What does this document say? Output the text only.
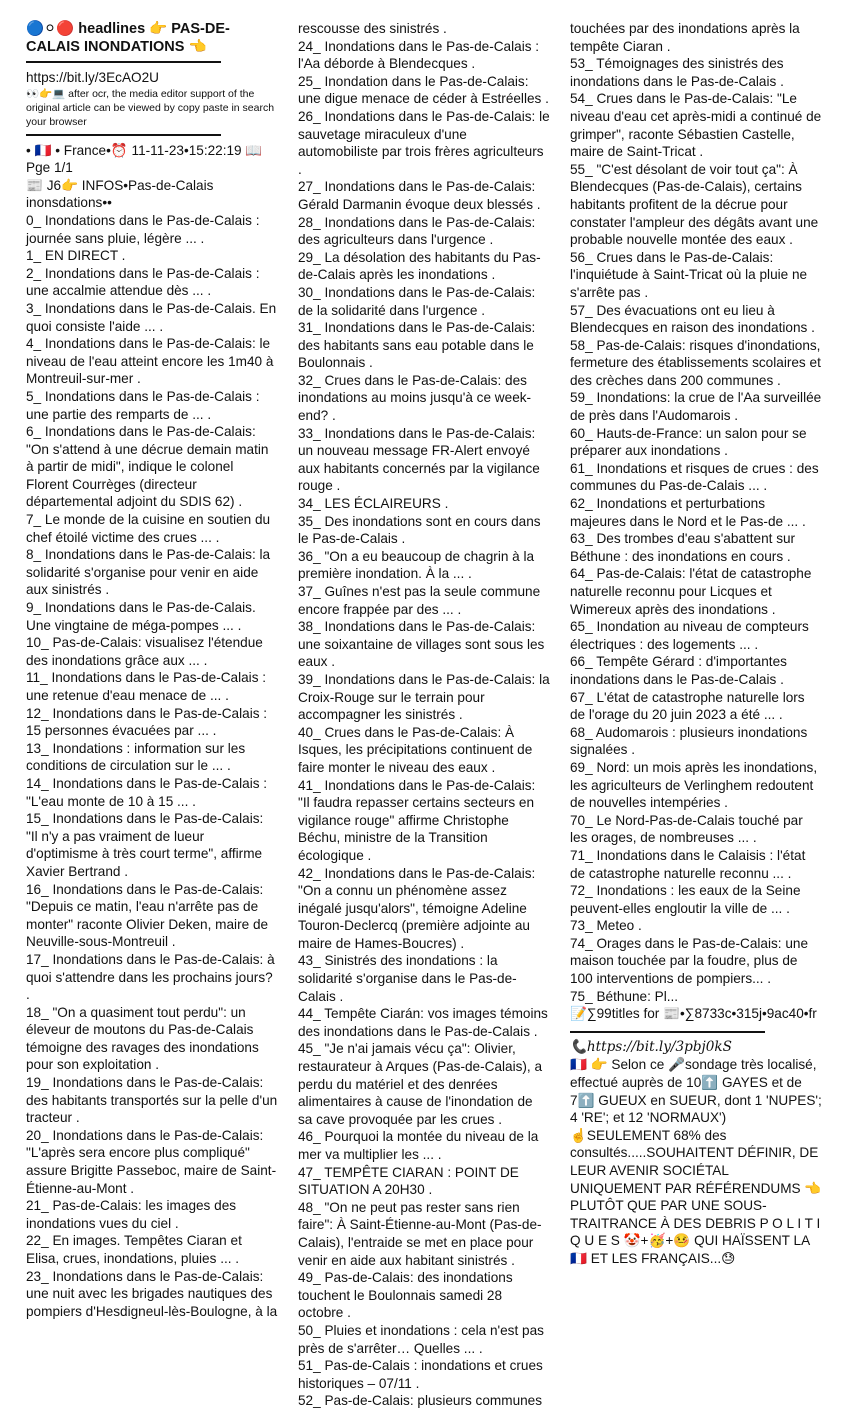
🔵⚪🔴 headlines 👉 PAS-DE-CALAIS INONDATIONS 👈
https://bit.ly/3EcAO2U
👀👉💻 after ocr, the media editor support of the original article can be viewed by copy paste in search your browser
• 🇫🇷 • France•⏰ 11-11-23•15:22:19 📖 Pge 1/1
📰 J6👉 INFOS•Pas-de-Calais inonsdations••
0_ Inondations dans le Pas-de-Calais : journée sans pluie, légère ... .
1_ EN DIRECT .
2_ Inondations dans le Pas-de-Calais : une accalmie attendue dès ... .
3_ Inondations dans le Pas-de-Calais. En quoi consiste l'aide ... .
4_ Inondations dans le Pas-de-Calais: le niveau de l'eau atteint encore les 1m40 à Montreuil-sur-mer .
5_ Inondations dans le Pas-de-Calais : une partie des remparts de ... .
6_ Inondations dans le Pas-de-Calais: "On s'attend à une décrue demain matin à partir de midi", indique le colonel Florent Courrèges (directeur départemental adjoint du SDIS 62) .
7_ Le monde de la cuisine en soutien du chef étoilé victime des crues ... .
8_ Inondations dans le Pas-de-Calais: la solidarité s'organise pour venir en aide aux sinistrés .
9_ Inondations dans le Pas-de-Calais. Une vingtaine de méga-pompes ... .
10_ Pas-de-Calais: visualisez l'étendue des inondations grâce aux ... .
11_ Inondations dans le Pas-de-Calais : une retenue d'eau menace de ... .
12_ Inondations dans le Pas-de-Calais : 15 personnes évacuées par ... .
13_ Inondations : information sur les conditions de circulation sur le ... .
14_ Inondations dans le Pas-de-Calais : "L'eau monte de 10 à 15 ... .
15_ Inondations dans le Pas-de-Calais: "Il n'y a pas vraiment de lueur d'optimisme à très court terme", affirme Xavier Bertrand .
16_ Inondations dans le Pas-de-Calais: "Depuis ce matin, l'eau n'arrête pas de monter" raconte Olivier Deken, maire de Neuville-sous-Montreuil .
17_ Inondations dans le Pas-de-Calais: à quoi s'attendre dans les prochains jours? .
18_ "On a quasiment tout perdu": un éleveur de moutons du Pas-de-Calais témoigne des ravages des inondations pour son exploitation .
19_ Inondations dans le Pas-de-Calais: des habitants transportés sur la pelle d'un tracteur .
20_ Inondations dans le Pas-de-Calais: "L'après sera encore plus compliqué" assure Brigitte Passeboc, maire de Saint-Étienne-au-Mont .
21_ Pas-de-Calais: les images des inondations vues du ciel .
22_ En images. Tempêtes Ciaran et Elisa, crues, inondations, pluies ... .
23_ Inondations dans le Pas-de-Calais: une nuit avec les brigades nautiques des pompiers d'Hesdigneul-lès-Boulogne, à la
rescousse des sinistrés .
24_ Inondations dans le Pas-de-Calais : l'Aa déborde à Blendecques .
25_ Inondation dans le Pas-de-Calais: une digue menace de céder à Estréelles .
26_ Inondations dans le Pas-de-Calais: le sauvetage miraculeux d'une automobiliste par trois frères agriculteurs .
27_ Inondations dans le Pas-de-Calais: Gérald Darmanin évoque deux blessés .
28_ Inondations dans le Pas-de-Calais: des agriculteurs dans l'urgence .
29_ La désolation des habitants du Pas-de-Calais après les inondations .
30_ Inondations dans le Pas-de-Calais: de la solidarité dans l'urgence .
31_ Inondations dans le Pas-de-Calais: des habitants sans eau potable dans le Boulonnais .
32_ Crues dans le Pas-de-Calais: des inondations au moins jusqu'à ce week-end? .
33_ Inondations dans le Pas-de-Calais: un nouveau message FR-Alert envoyé aux habitants concernés par la vigilance rouge .
34_ LES ÉCLAIREURS .
35_ Des inondations sont en cours dans le Pas-de-Calais .
36_ "On a eu beaucoup de chagrin à la première inondation. À la ... .
37_ Guînes n'est pas la seule commune encore frappée par des ... .
38_ Inondations dans le Pas-de-Calais: une soixantaine de villages sont sous les eaux .
39_ Inondations dans le Pas-de-Calais: la Croix-Rouge sur le terrain pour accompagner les sinistrés .
40_ Crues dans le Pas-de-Calais: À Isques, les précipitations continuent de faire monter le niveau des eaux .
41_ Inondations dans le Pas-de-Calais: "Il faudra repasser certains secteurs en vigilance rouge" affirme Christophe Béchu, ministre de la Transition écologique .
42_ Inondations dans le Pas-de-Calais: "On a connu un phénomène assez inégalé jusqu'alors", témoigne Adeline Touron-Declercq (première adjointe au maire de Hames-Boucres) .
43_ Sinistrés des inondations : la solidarité s'organise dans le Pas-de-Calais .
44_ Tempête Ciarán: vos images témoins des inondations dans le Pas-de-Calais .
45_ "Je n'ai jamais vécu ça": Olivier, restaurateur à Arques (Pas-de-Calais), a perdu du matériel et des denrées alimentaires à cause de l'inondation de sa cave provoquée par les crues .
46_ Pourquoi la montée du niveau de la mer va multiplier les ... .
47_ TEMPÊTE CIARAN : POINT DE SITUATION A 20H30 .
48_ "On ne peut pas rester sans rien faire": À Saint-Étienne-au-Mont (Pas-de-Calais), l'entraide se met en place pour venir en aide aux habitant sinistrés .
49_ Pas-de-Calais: des inondations touchent le Boulonnais samedi 28 octobre .
50_ Pluies et inondations : cela n'est pas près de s'arrêter… Quelles ... .
51_ Pas-de-Calais : inondations et crues historiques – 07/11 .
52_ Pas-de-Calais: plusieurs communes
touchées par des inondations après la tempête Ciaran .
53_ Témoignages des sinistrés des inondations dans le Pas-de-Calais .
54_ Crues dans le Pas-de-Calais: "Le niveau d'eau cet après-midi a continué de grimper", raconte Sébastien Castelle, maire de Saint-Tricat .
55_ "C'est désolant de voir tout ça": À Blendecques (Pas-de-Calais), certains habitants profitent de la décrue pour constater l'ampleur des dégâts avant une probable nouvelle montée des eaux .
56_ Crues dans le Pas-de-Calais: l'inquiétude à Saint-Tricat où la pluie ne s'arrête pas .
57_ Des évacuations ont eu lieu à Blendecques en raison des inondations .
58_ Pas-de-Calais: risques d'inondations, fermeture des établissements scolaires et des crèches dans 200 communes .
59_ Inondations: la crue de l'Aa surveillée de près dans l'Audomarois .
60_ Hauts-de-France: un salon pour se préparer aux inondations .
61_ Inondations et risques de crues : des communes du Pas-de-Calais ... .
62_ Inondations et perturbations majeures dans le Nord et le Pas-de ... .
63_ Des trombes d'eau s'abattent sur Béthune : des inondations en cours .
64_ Pas-de-Calais: l'état de catastrophe naturelle reconnu pour Licques et Wimereux après des inondations .
65_ Inondation au niveau de compteurs électriques : des logements ... .
66_ Tempête Gérard : d'importantes inondations dans le Pas-de-Calais .
67_ L'état de catastrophe naturelle lors de l'orage du 20 juin 2023 a été ... .
68_ Audomarois : plusieurs inondations signalées .
69_ Nord: un mois après les inondations, les agriculteurs de Verlinghem redoutent de nouvelles intempéries .
70_ Le Nord-Pas-de-Calais touché par les orages, de nombreuses ... .
71_ Inondations dans le Calaisis : l'état de catastrophe naturelle reconnu ... .
72_ Inondations : les eaux de la Seine peuvent-elles engloutir la ville de ... .
73_ Meteo .
74_ Orages dans le Pas-de-Calais: une maison touchée par la foudre, plus de 100 interventions de pompiers... .
75_ Béthune: Pl...
📝∑99titles for 📰•∑8733c•315j•9ac40•fr
📞https://bit.ly/3pbj0kS
🇫🇷 👉 Selon ce 🎤sondage très localisé, effectué auprès de 10⬆️ GAYES et de 7⬆️ GUEUX en SUEUR, dont 1 'NUPES'; 4 'RE'; et 12 'NORMAUX')
☝️SEULEMENT 68% des consultés.....SOUHAITENT DÉFINIR, DE LEUR AVENIR SOCIÉTAL UNIQUEMENT PAR RÉFÉRENDUMS 👈 PLUTÔT QUE PAR UNE SOUS-TRAITRANCE À DES DEBRIS P O L I T I Q U E S 🤡+🥳+🤒 QUI HAÏSSENT LA 🇫🇷 ET LES FRANÇAIS...😓
